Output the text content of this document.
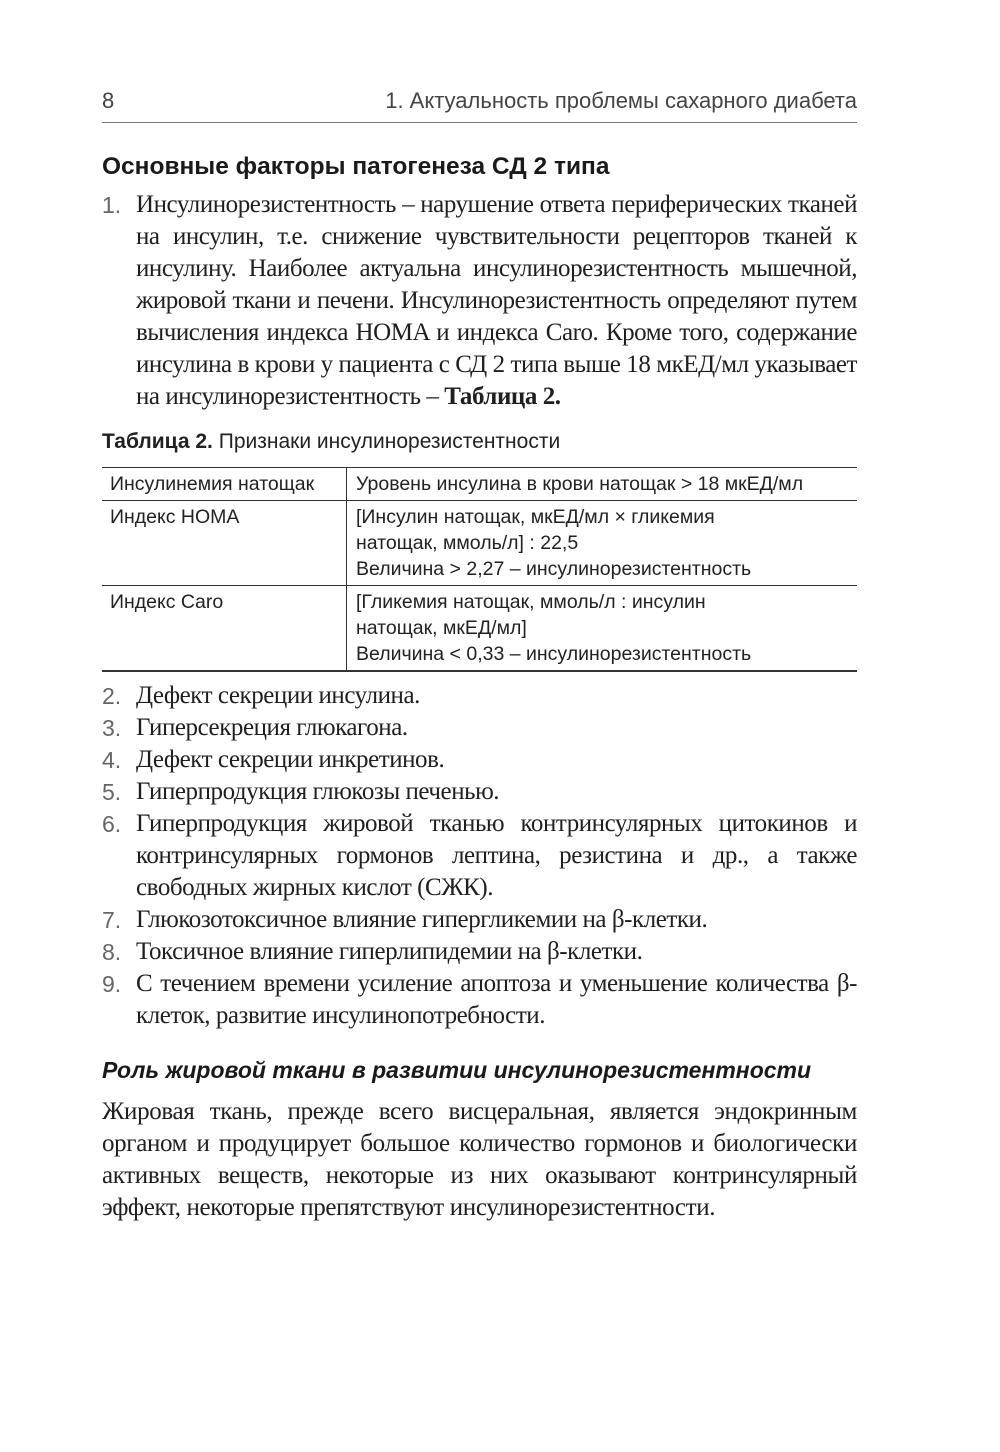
8	1. Актуальность проблемы сахарного диабета
Основные факторы патогенеза СД 2 типа
1. Инсулинорезистентность – нарушение ответа периферических тканей на инсулин, т.е. снижение чувствительности рецепторов тканей к инсулину. Наиболее актуальна инсулинорезистентность мышечной, жировой ткани и печени. Инсулинорезистентность определяют путем вычисления индекса HOMA и индекса Caro. Кроме того, содержание инсулина в крови у пациента с СД 2 типа выше 18 мкЕД/мл указывает на инсулинорезистентность – Таблица 2.
Таблица 2. Признаки инсулинорезистентности
Инсулинемия натощак	Уровень инсулина в крови натощак > 18 мкЕД/мл

Индекс HOMA	[Инсулин натощак, мкЕД/мл × гликемия
натощак, ммоль/л] : 22,5
Величина > 2,27 – инсулинорезистентность

Индекс Caro	[Гликемия натощак, ммоль/л : инсулин
натощак, мкЕД/мл]
Величина < 0,33 – инсулинорезистентность
2. Дефект секреции инсулина.
3. Гиперсекреция глюкагона.
4. Дефект секреции инкретинов.
5. Гиперпродукция глюкозы печенью.
6. Гиперпродукция жировой тканью контринсулярных цитокинов и контринсулярных гормонов лептина, резистина и др., а также свободных жирных кислот (СЖК).
7. Глюкозотоксичное влияние гипергликемии на β-клетки.
8. Токсичное влияние гиперлипидемии на β-клетки.
9. С течением времени усиление апоптоза и уменьшение количества β-клеток, развитие инсулинопотребности.
Роль жировой ткани в развитии инсулинорезистентности

Жировая ткань, прежде всего висцеральная, является эндокринным органом и продуцирует большое количество гормонов и биологически активных веществ, некоторые из них оказывают контринсулярный эффект, некоторые препятствуют инсулинорезистентности.
